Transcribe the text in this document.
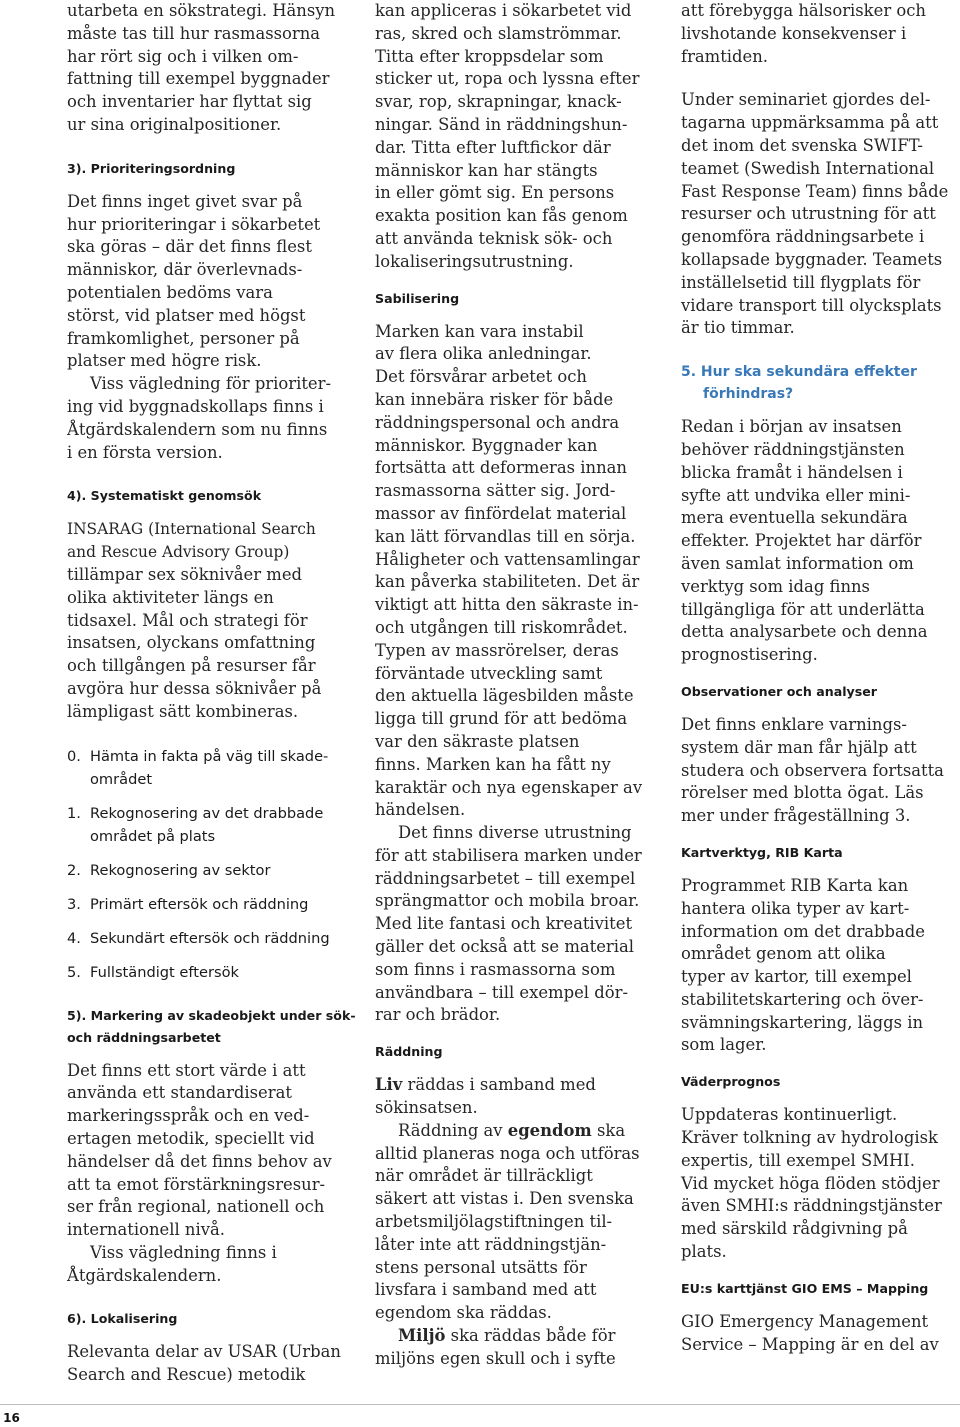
utarbeta en sökstrategi. Hänsyn
måste tas till hur rasmassorna
har rört sig och i vilken om-
fattning till exempel byggnader
och inventarier har flyttat sig
ur sina originalpositioner.
3). Prioriteringsordning
Det finns inget givet svar på
hur prioriteringar i sökarbetet
ska göras – där det finns flest
människor, där överlevnads-
potentialen bedöms vara
störst, vid platser med högst
framkomlighet, personer på
platser med högre risk.
Viss vägledning för prioriter-
ing vid byggnadskollaps finns i
Åtgärdskalendern som nu finns
i en första version.
4). Systematiskt genomsök
INSARAG (International Search
and Rescue Advisory Group)
tillämpar sex söknivåer med
olika aktiviteter längs en
tidsaxel. Mål och strategi för
insatsen, olyckans omfattning
och tillgången på resurser får
avgöra hur dessa söknivåer på
lämpligast sätt kombineras.
0. Hämta in fakta på väg till skade-
området
1. Rekognosering av det drabbade
området på plats
2. Rekognosering av sektor
3. Primärt eftersök och räddning
4. Sekundärt eftersök och räddning
5. Fullständigt eftersök
5). Markering av skadeobjekt under sök-
och räddningsarbetet
Det finns ett stort värde i att
använda ett standardiserat
markeringsspråk och en ved-
ertagen metodik, speciellt vid
händelser då det finns behov av
att ta emot förstärkningsresur-
ser från regional, nationell och
internationell nivå.
Viss vägledning finns i
Åtgärdskalendern.
6). Lokalisering
Relevanta delar av USAR (Urban
Search and Rescue) metodik
kan appliceras i sökarbetet vid
ras, skred och slamströmmar.
Titta efter kroppsdelar som
sticker ut, ropa och lyssna efter
svar, rop, skrapningar, knack-
ningar. Sänd in räddningshun-
dar. Titta efter luftfickor där
människor kan har stängts
in eller gömt sig. En persons
exakta position kan fås genom
att använda teknisk sök- och
lokaliseringsutrustning.
Sabilisering
Marken kan vara instabil
av flera olika anledningar.
Det försvårar arbetet och
kan innebära risker för både
räddningspersonal och andra
människor. Byggnader kan
fortsätta att deformeras innan
rasmassorna sätter sig. Jord-
massor av finfördelat material
kan lätt förvandlas till en sörja.
Håligheter och vattensamlingar
kan påverka stabiliteten. Det är
viktigt att hitta den säkraste in-
och utgången till riskområdet.
Typen av massrörelser, deras
förväntade utveckling samt
den aktuella lägesbilden måste
ligga till grund för att bedöma
var den säkraste platsen
finns. Marken kan ha fått ny
karaktär och nya egenskaper av
händelsen.
Det finns diverse utrustning
för att stabilisera marken under
räddningsarbetet – till exempel
sprängmattor och mobila broar.
Med lite fantasi och kreativitet
gäller det också att se material
som finns i rasmassorna som
användbara – till exempel dör-
rar och brädor.
Räddning
Liv räddas i samband med
sökinsatsen.
Räddning av egendom ska
alltid planeras noga och utföras
när området är tillräckligt
säkert att vistas i. Den svenska
arbetsmiljölagstiftningen til-
låter inte att räddningstjän-
stens personal utsätts för
livsfara i samband med att
egendom ska räddas.
Miljö ska räddas både för
miljöns egen skull och i syfte
att förebygga hälsorisker och
livshotande konsekvenser i
framtiden.
Under seminariet gjordes del-
tagarna uppmärksamma på att
det inom det svenska SWIFT-
teamet (Swedish International
Fast Response Team) finns både
resurser och utrustning för att
genomföra räddningsarbete i
kollapsade byggnader. Teamets
inställelsetid till flygplats för
vidare transport till olycksplats
är tio timmar.
5. Hur ska sekundära effekter
förhindras?
Redan i början av insatsen
behöver räddningstjänsten
blicka framåt i händelsen i
syfte att undvika eller mini-
mera eventuella sekundära
effekter. Projektet har därför
även samlat information om
verktyg som idag finns
tillgängliga för att underlätta
detta analysarbete och denna
prognostisering.
Observationer och analyser
Det finns enklare varnings-
system där man får hjälp att
studera och observera fortsatta
rörelser med blotta ögat. Läs
mer under frågeställning 3.
Kartverktyg, RIB Karta
Programmet RIB Karta kan
hantera olika typer av kart-
information om det drabbade
området genom att olika
typer av kartor, till exempel
stabilitetskartering och över-
svämningskartering, läggs in
som lager.
Väderprognos
Uppdateras kontinuerligt.
Kräver tolkning av hydrologisk
expertis, till exempel SMHI.
Vid mycket höga flöden stödjer
även SMHI:s räddningstjänster
med särskild rådgivning på
plats.
EU:s karttjänst GIO EMS – Mapping
GIO Emergency Management
Service – Mapping är en del av
16
